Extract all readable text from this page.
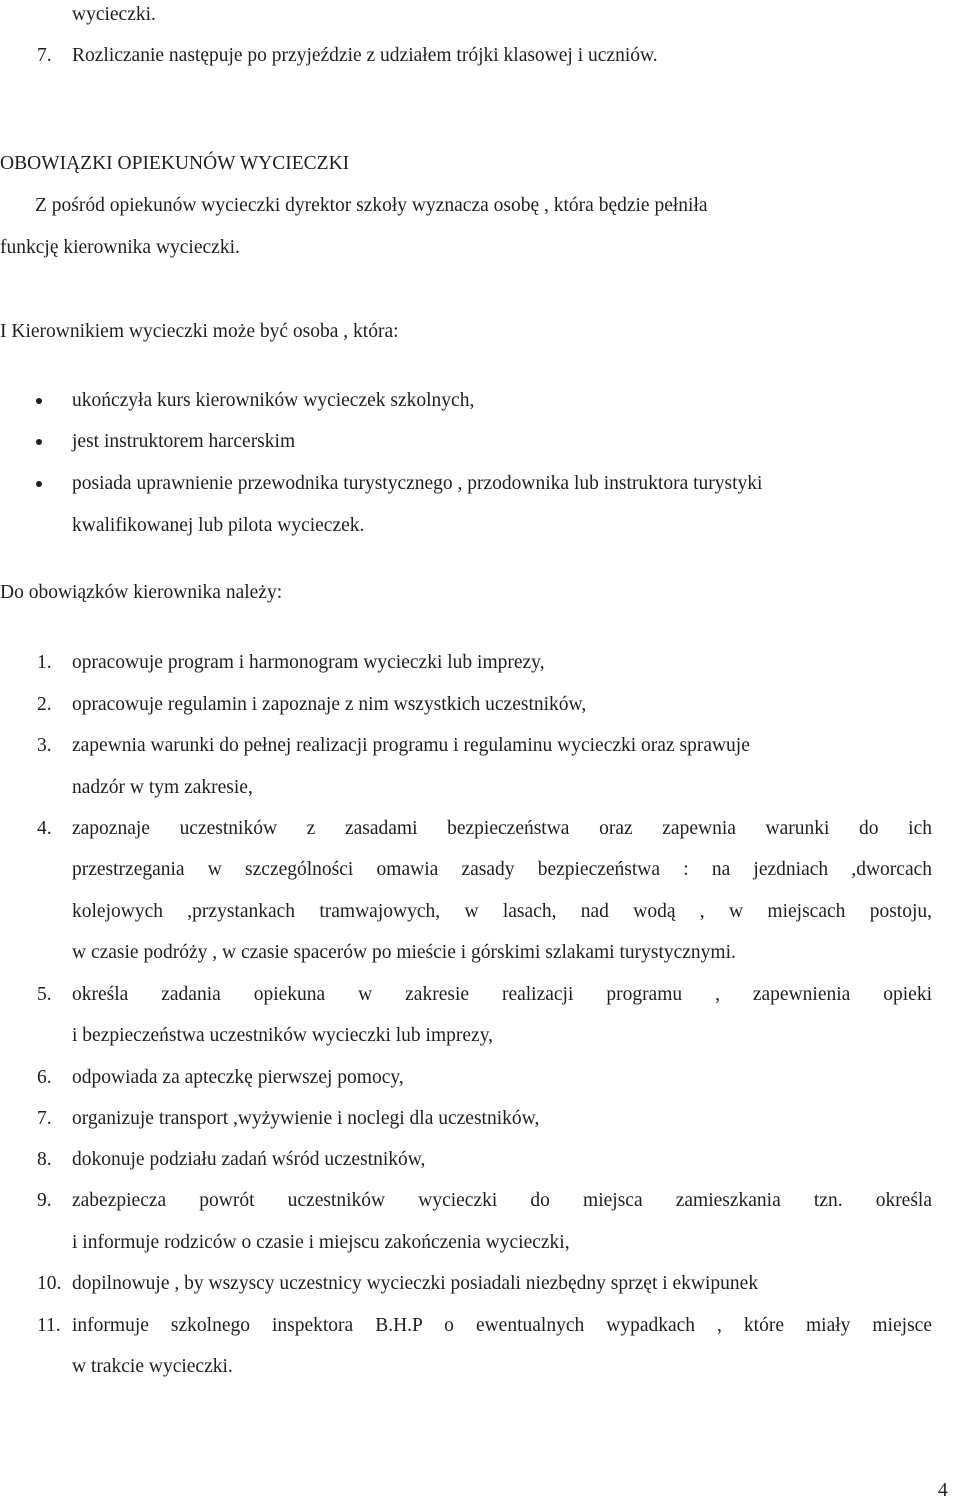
wycieczki.
7. Rozliczanie następuje po przyjeździe z udziałem trójki klasowej i uczniów.
OBOWIĄZKI OPIEKUNÓW WYCIECZKI
Z pośród opiekunów wycieczki dyrektor szkoły wyznacza osobę , która będzie pełniła
funkcję kierownika wycieczki.
I Kierownikiem wycieczki może być osoba , która:
ukończyła kurs kierowników wycieczek szkolnych,
jest instruktorem harcerskim
posiada uprawnienie przewodnika turystycznego , przodownika lub instruktora turystyki
kwalifikowanej lub pilota wycieczek.
Do obowiązków kierownika należy:
1. opracowuje program i harmonogram wycieczki lub imprezy,
2. opracowuje regulamin i zapoznaje z nim wszystkich uczestników,
3. zapewnia warunki do pełnej realizacji programu i regulaminu wycieczki oraz sprawuje
nadzór w tym zakresie,
4. zapoznaje uczestników z zasadami bezpieczeństwa oraz zapewnia warunki do ich
przestrzegania w szczególności omawia zasady bezpieczeństwa : na jezdniach ,dworcach
kolejowych ,przystankach tramwajowych, w lasach, nad wodą , w miejscach postoju,
w czasie podróży , w czasie spacerów po mieście i górskimi szlakami turystycznymi.
5. określa zadania opiekuna w zakresie realizacji programu , zapewnienia opieki
i bezpieczeństwa uczestników wycieczki lub imprezy,
6. odpowiada za apteczkę pierwszej pomocy,
7. organizuje transport ,wyżywienie i noclegi dla uczestników,
8. dokonuje podziału zadań wśród uczestników,
9. zabezpiecza powrót uczestników wycieczki do miejsca zamieszkania tzn. określa
i informuje rodziców o czasie i miejscu zakończenia wycieczki,
10. dopilnowuje , by wszyscy uczestnicy wycieczki posiadali niezbędny sprzęt i ekwipunek
11. informuje szkolnego inspektora B.H.P o ewentualnych wypadkach , które miały miejsce
w trakcie wycieczki.
4
